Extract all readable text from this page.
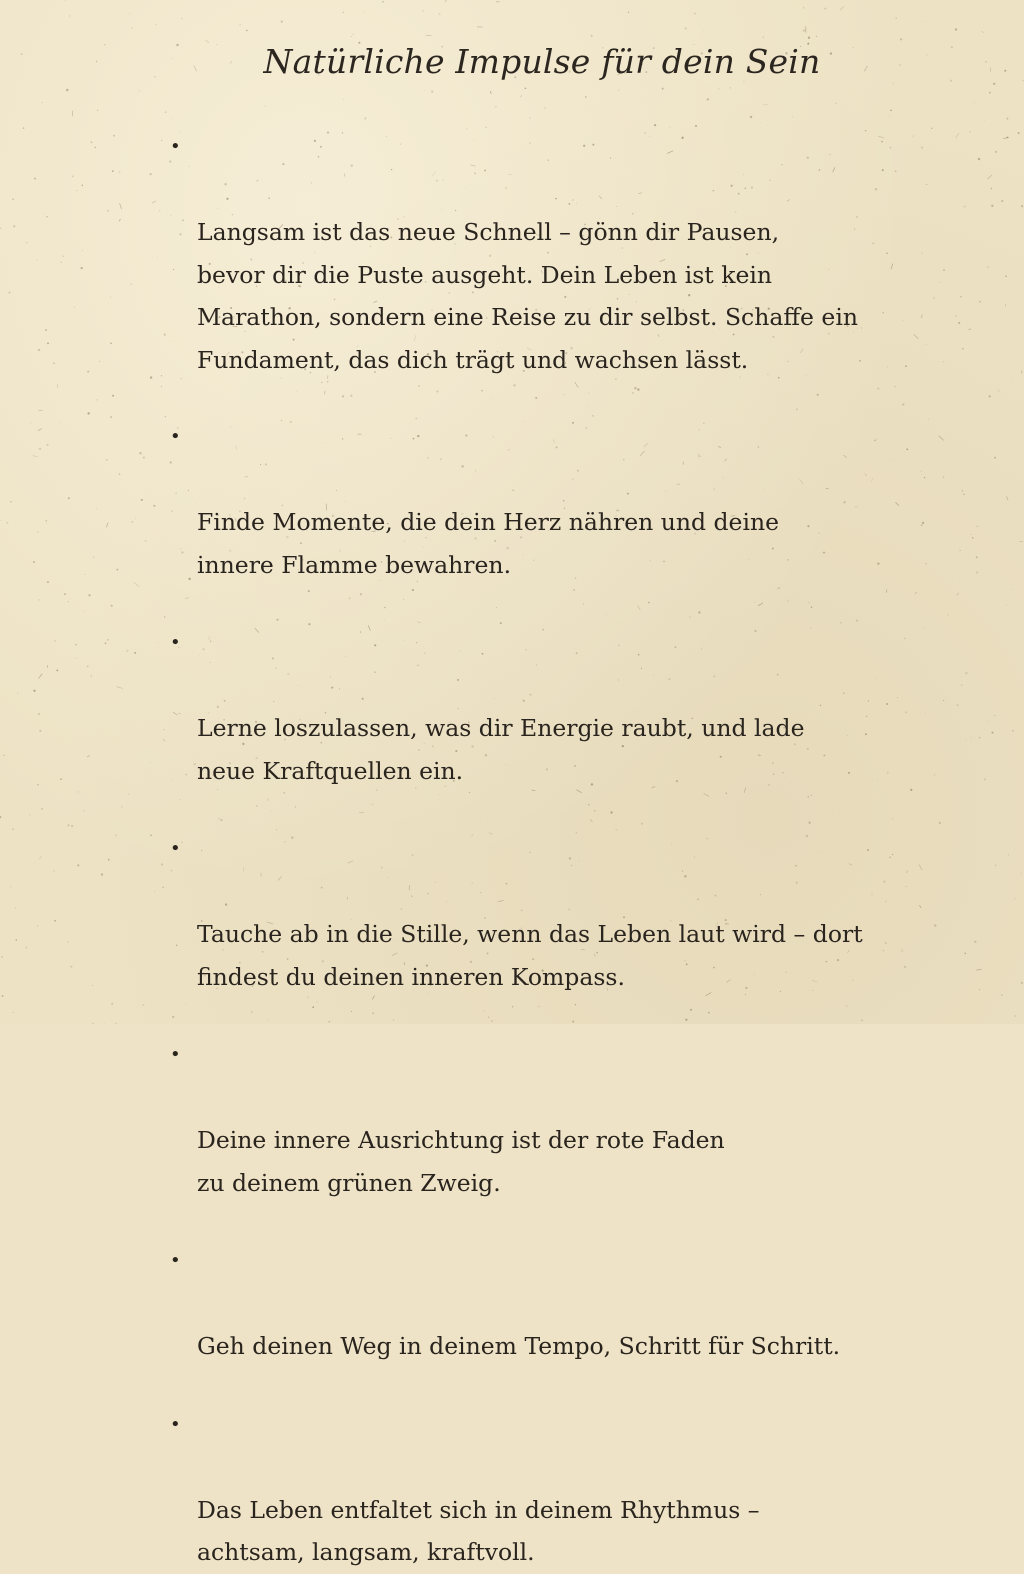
Natürliche Impulse für dein Sein

•

Langsam ist das neue Schnell – gönn dir Pausen,
bevor dir die Puste ausgeht. Dein Leben ist kein
Marathon, sondern eine Reise zu dir selbst. Schaffe ein
Fundament, das dich trägt und wachsen lässt.

•

Finde Momente, die dein Herz nähren und deine
innere Flamme bewahren.

•

Lerne loszulassen, was dir Energie raubt, und lade
neue Kraftquellen ein.

•

Tauche ab in die Stille, wenn das Leben laut wird – dort
findest du deinen inneren Kompass.

•

Deine innere Ausrichtung ist der rote Faden
zu deinem grünen Zweig.

•

Geh deinen Weg in deinem Tempo, Schritt für Schritt.

•

Das Leben entfaltet sich in deinem Rhythmus –
achtsam, langsam, kraftvoll.
